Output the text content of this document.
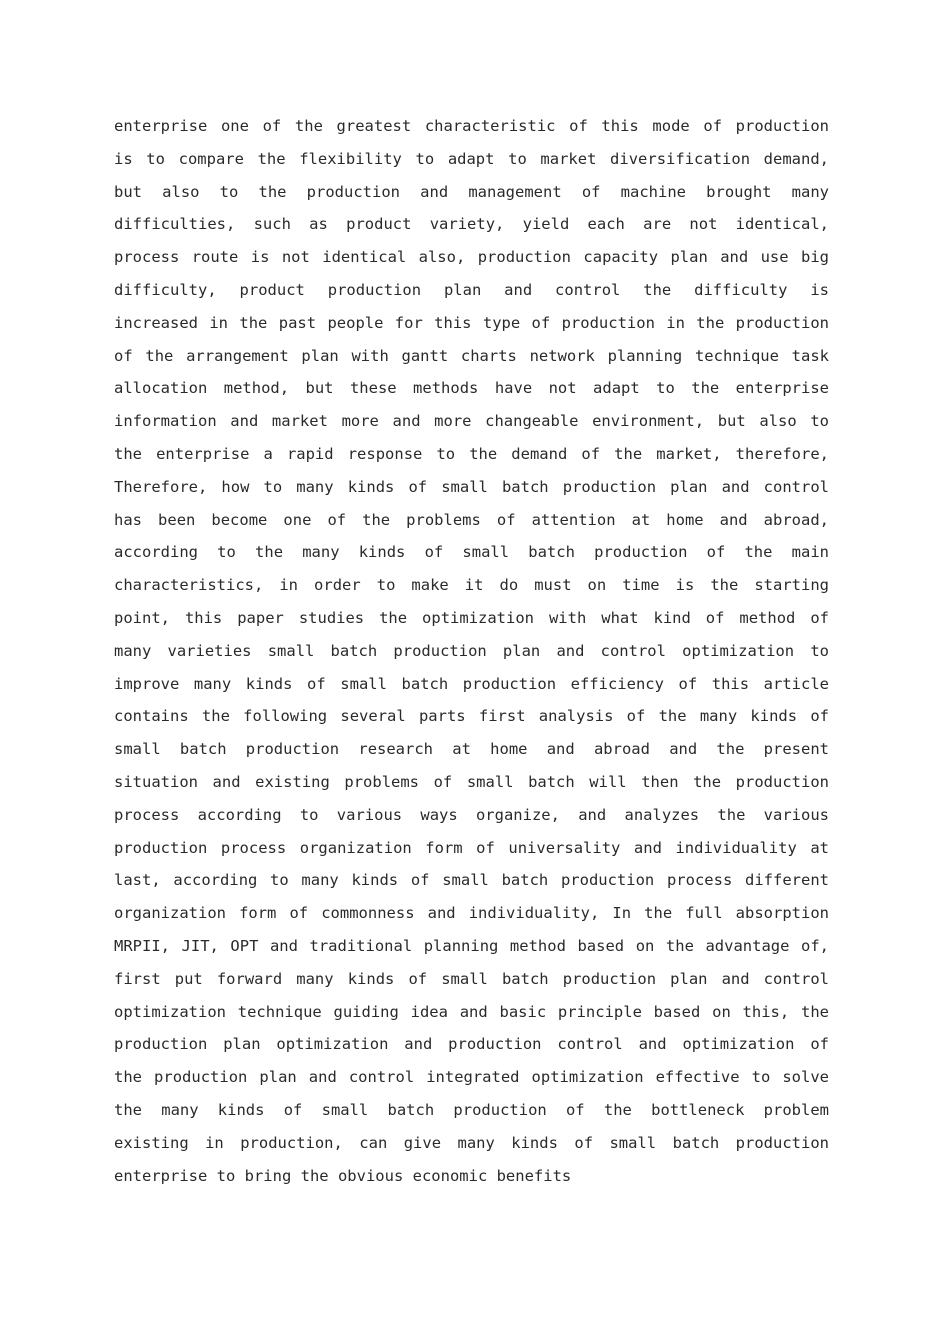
enterprise one of the greatest characteristic of this mode of production
is to compare the flexibility to adapt to market diversification demand,
but also to the production and management of machine brought many
difficulties, such as product variety, yield each are not identical,
process route is not identical also, production capacity plan and use big
difficulty, product production plan and control the difficulty is
increased in the past people for this type of production in the production
of the arrangement plan with gantt charts network planning technique task
allocation method, but these methods have not adapt to the enterprise
information and market more and more changeable environment, but also to
the enterprise a rapid response to the demand of the market, therefore,
Therefore, how to many kinds of small batch production plan and control
has been become one of the problems of attention at home and abroad,
according to the many kinds of small batch production of the main
characteristics, in order to make it do must on time is the starting
point, this paper studies the optimization with what kind of method of
many varieties small batch production plan and control optimization to
improve many kinds of small batch production efficiency of this article
contains the following several parts first analysis of the many kinds of
small batch production research at home and abroad and the present
situation and existing problems of small batch will then the production
process according to various ways organize, and analyzes the various
production process organization form of universality and individuality at
last, according to many kinds of small batch production process different
organization form of commonness and individuality, In the full absorption
MRPII, JIT, OPT and traditional planning method based on the advantage of,
first put forward many kinds of small batch production plan and control
optimization technique guiding idea and basic principle based on this, the
production plan optimization and production control and optimization of
the production plan and control integrated optimization effective to solve
the many kinds of small batch production of the bottleneck problem
existing in production, can give many kinds of small batch production
enterprise to bring the obvious economic benefits
